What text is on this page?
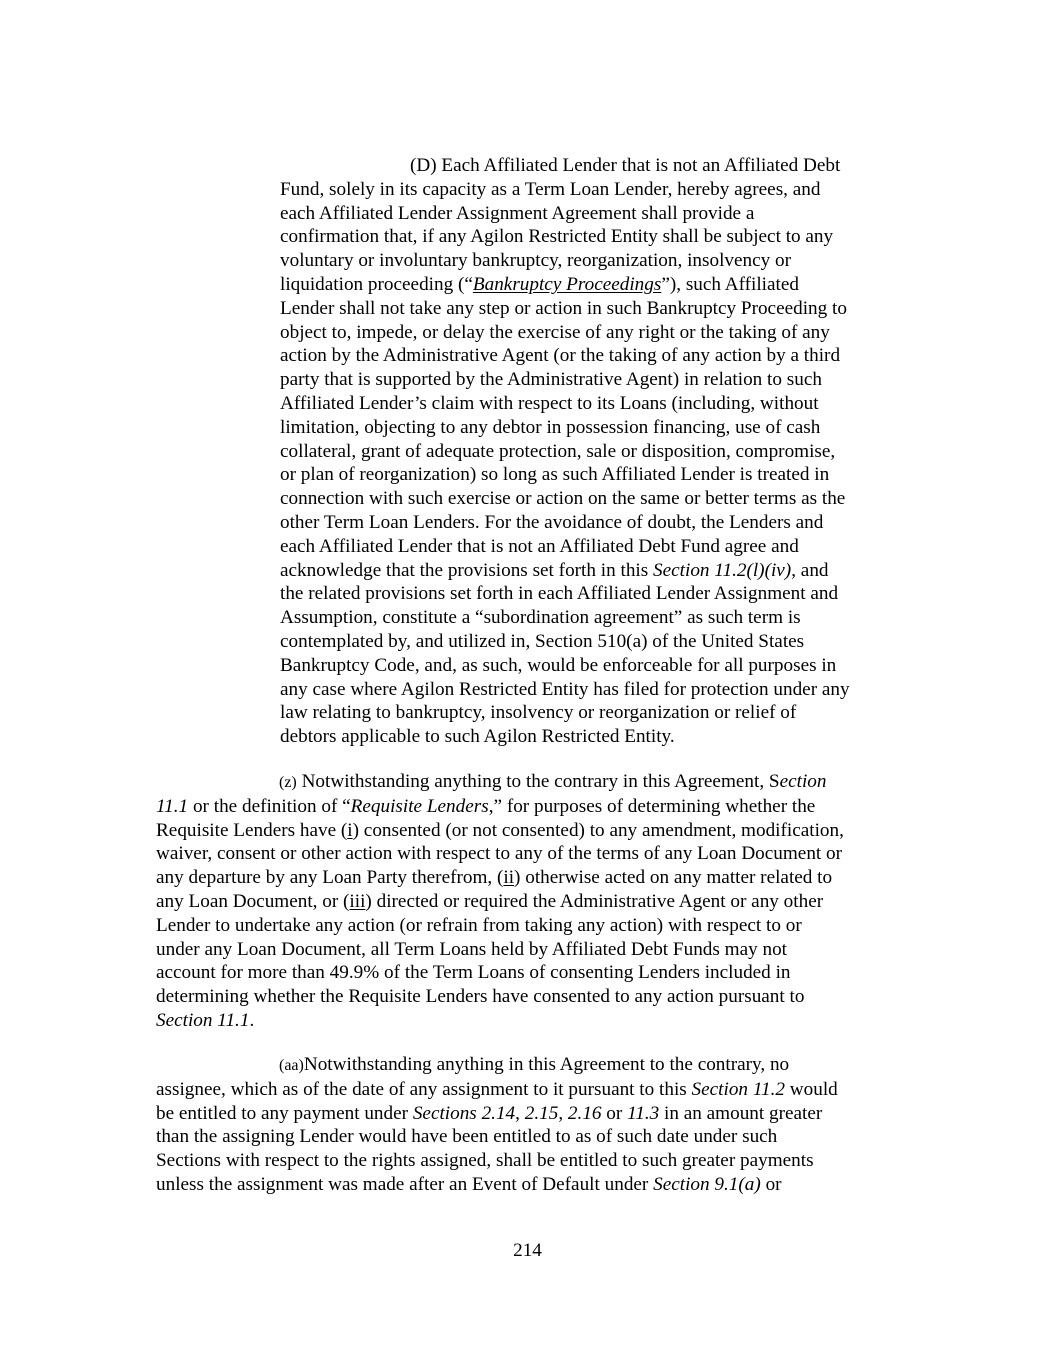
(D) Each Affiliated Lender that is not an Affiliated Debt
Fund, solely in its capacity as a Term Loan Lender, hereby agrees, and
each Affiliated Lender Assignment Agreement shall provide a
confirmation that, if any Agilon Restricted Entity shall be subject to any
voluntary or involuntary bankruptcy, reorganization, insolvency or
liquidation proceeding (“Bankruptcy Proceedings”), such Affiliated
Lender shall not take any step or action in such Bankruptcy Proceeding to
object to, impede, or delay the exercise of any right or the taking of any
action by the Administrative Agent (or the taking of any action by a third
party that is supported by the Administrative Agent) in relation to such
Affiliated Lender’s claim with respect to its Loans (including, without
limitation, objecting to any debtor in possession financing, use of cash
collateral, grant of adequate protection, sale or disposition, compromise,
or plan of reorganization) so long as such Affiliated Lender is treated in
connection with such exercise or action on the same or better terms as the
other Term Loan Lenders. For the avoidance of doubt, the Lenders and
each Affiliated Lender that is not an Affiliated Debt Fund agree and
acknowledge that the provisions set forth in this Section 11.2(l)(iv), and
the related provisions set forth in each Affiliated Lender Assignment and
Assumption, constitute a “subordination agreement” as such term is
contemplated by, and utilized in, Section 510(a) of the United States
Bankruptcy Code, and, as such, would be enforceable for all purposes in
any case where Agilon Restricted Entity has filed for protection under any
law relating to bankruptcy, insolvency or reorganization or relief of
debtors applicable to such Agilon Restricted Entity.
(z) Notwithstanding anything to the contrary in this Agreement, Section
11.1 or the definition of “Requisite Lenders,” for purposes of determining whether the
Requisite Lenders have (i) consented (or not consented) to any amendment, modification,
waiver, consent or other action with respect to any of the terms of any Loan Document or
any departure by any Loan Party therefrom, (ii) otherwise acted on any matter related to
any Loan Document, or (iii) directed or required the Administrative Agent or any other
Lender to undertake any action (or refrain from taking any action) with respect to or
under any Loan Document, all Term Loans held by Affiliated Debt Funds may not
account for more than 49.9% of the Term Loans of consenting Lenders included in
determining whether the Requisite Lenders have consented to any action pursuant to
Section 11.1.
(aa)Notwithstanding anything in this Agreement to the contrary, no
assignee, which as of the date of any assignment to it pursuant to this Section 11.2 would
be entitled to any payment under Sections 2.14, 2.15, 2.16 or 11.3 in an amount greater
than the assigning Lender would have been entitled to as of such date under such
Sections with respect to the rights assigned, shall be entitled to such greater payments
unless the assignment was made after an Event of Default under Section 9.1(a) or
214
